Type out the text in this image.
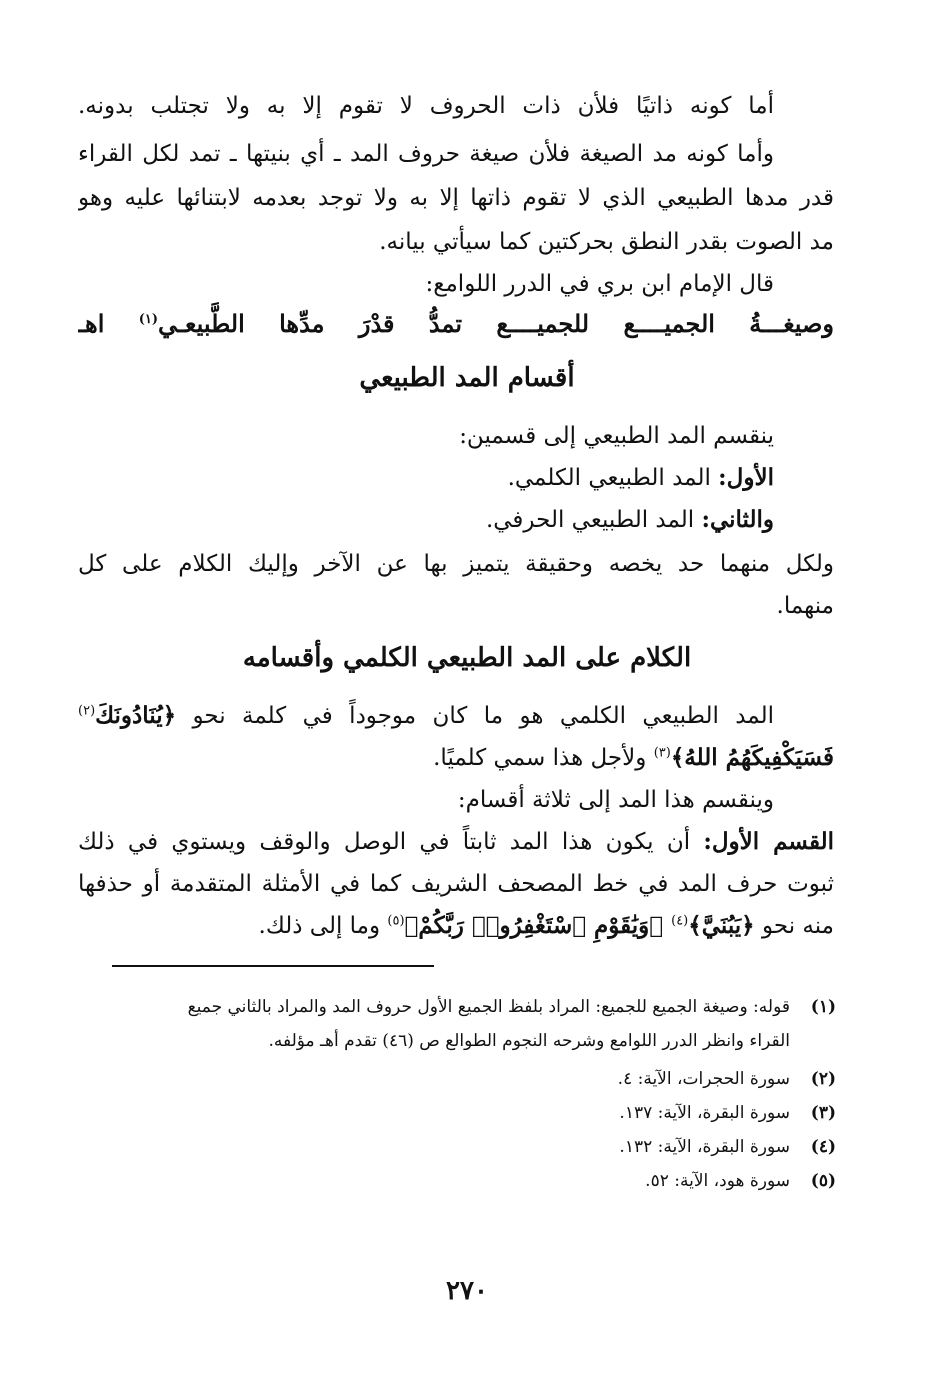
أما كونه ذاتيًا فلأن ذات الحروف لا تقوم إلا به ولا تجتلب بدونه.
وأما كونه مد الصيغة فلأن صيغة حروف المد ـ أي بنيتها ـ تمد لكل القراء
قدر مدها الطبيعي الذي لا تقوم ذاتها إلا به ولا توجد بعدمه لابتنائها عليه وهو
مد الصوت بقدر النطق بحركتين كما سيأتي بيانه.
قال الإمام ابن بري في الدرر اللوامع:
وصيغـــةُ الجميــــع للجميــــع تمدُّ قدْرَ مدِّها الطَّبيعـي$^{(١)}$ اهـ
أقسام المد الطبيعي
ينقسم المد الطبيعي إلى قسمين:
الأول: المد الطبيعي الكلمي.
والثاني: المد الطبيعي الحرفي.
ولكل منهما حد يخصه وحقيقة يتميز بها عن الآخر وإليك الكلام على كل
منهما.
الكلام على المد الطبيعي الكلمي وأقسامه
المد الطبيعي الكلمي هو ما كان موجوداً في كلمة نحو ﴿يُنَادُونَكَ$^{(٢)}$
فَسَيَكْفِيكَهُمُ اللهُ﴾$^{(٣)}$ ولأجل هذا سمي كلميًا.
وينقسم هذا المد إلى ثلاثة أقسام:
القسم الأول: أن يكون هذا المد ثابتاً في الوصل والوقف ويستوي في ذلك
ثبوت حرف المد في خط المصحف الشريف كما في الأمثلة المتقدمة أو حذفها
منه نحو ﴿يَبُنَيَّ﴾$^{(٤)}$ ﴿وَيَٰقَوْمِ ٱسْتَغْفِرُوا۟ رَبَّكُمْ﴾$^{(٥)}$ وما إلى ذلك.
(١)قوله: وصيغة الجميع للجميع: المراد بلفظ الجميع الأول حروف المد والمراد بالثاني جميع
القراء وانظر الدرر اللوامع وشرحه النجوم الطوالع ص (٤٦) تقدم أهـ مؤلفه.
(٢)سورة الحجرات، الآية: ٤.
(٣)سورة البقرة، الآية: ١٣٧.
(٤)سورة البقرة، الآية: ١٣٢.
(٥)سورة هود، الآية: ٥٢.
٢٧٠
